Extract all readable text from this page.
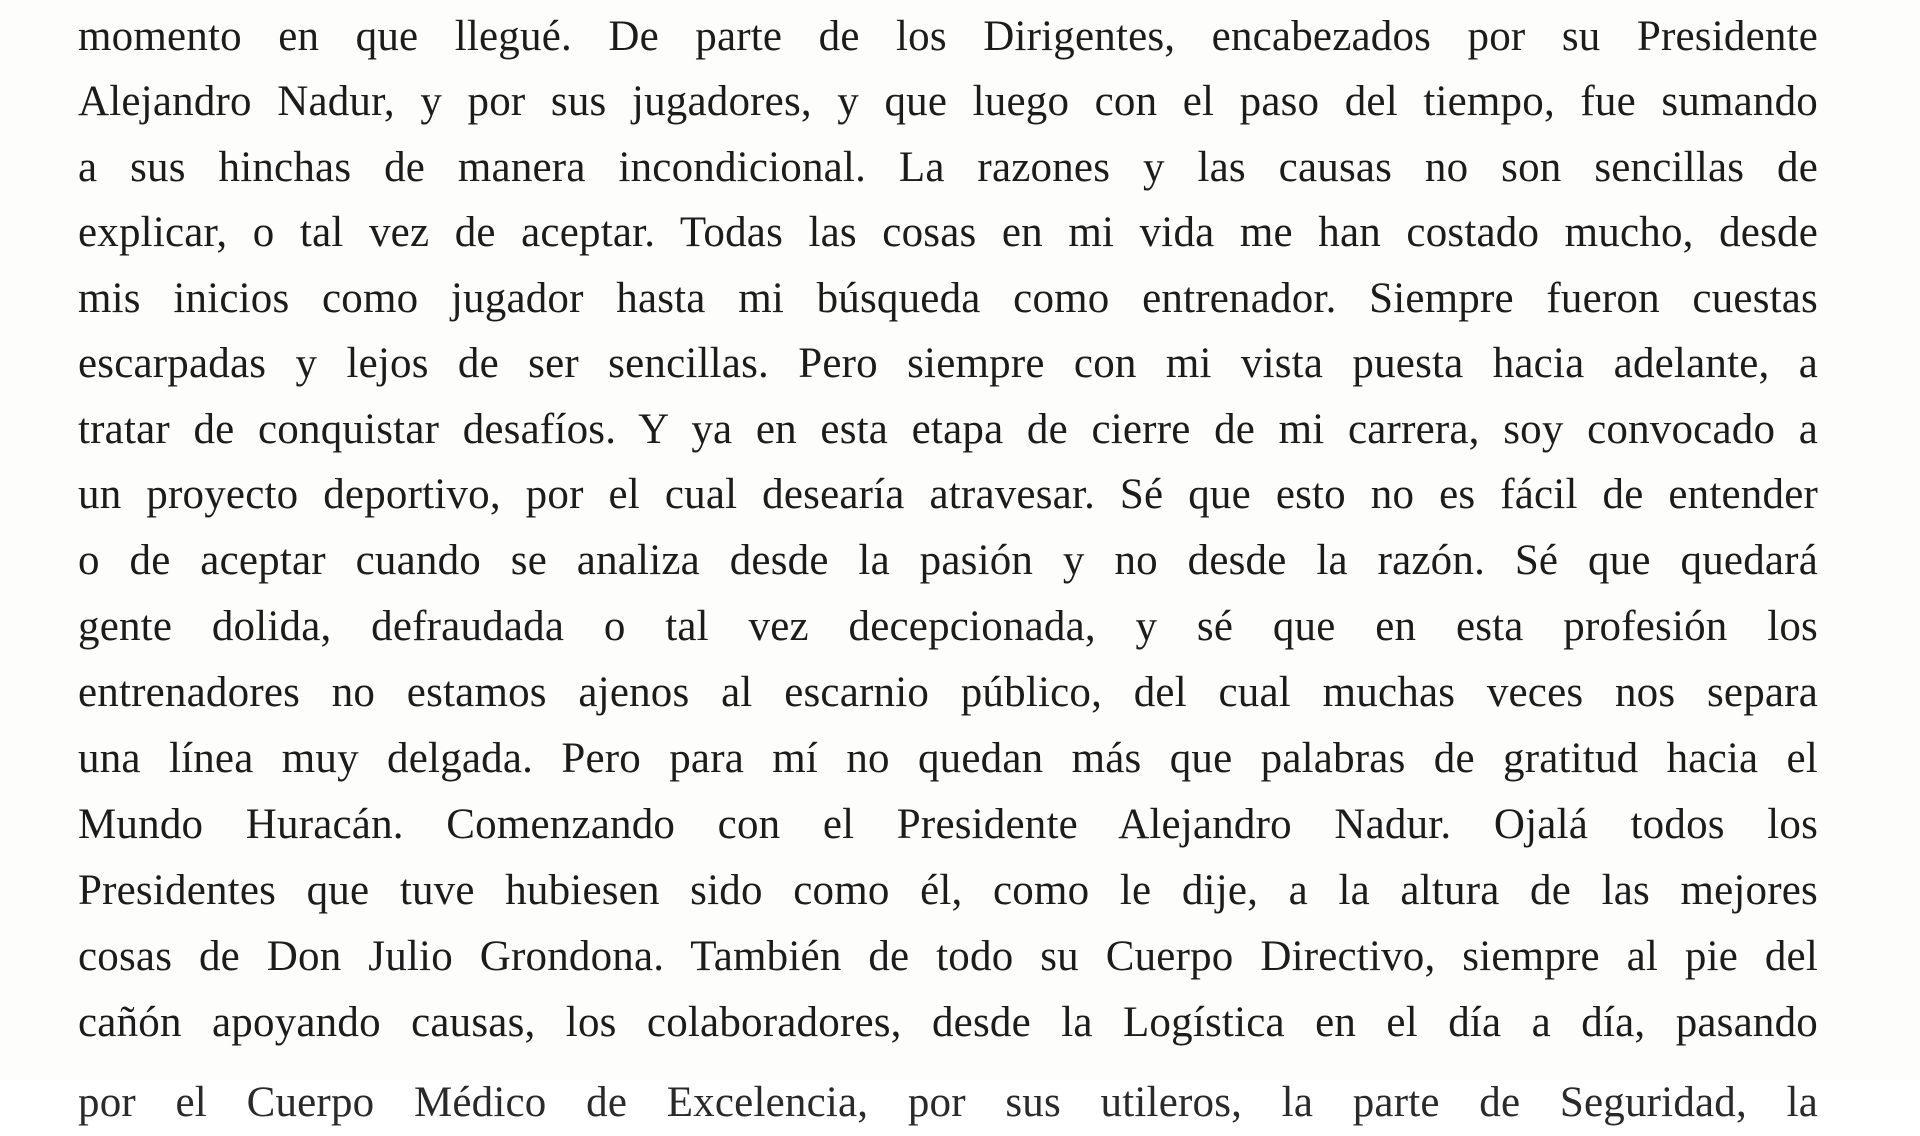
momento en que llegué. De parte de los Dirigentes, encabezados por su Presidente
Alejandro Nadur, y por sus jugadores, y que luego con el paso del tiempo, fue sumando
a sus hinchas de manera incondicional. La razones y las causas no son sencillas de
explicar, o tal vez de aceptar. Todas las cosas en mi vida me han costado mucho, desde
mis inicios como jugador hasta mi búsqueda como entrenador. Siempre fueron cuestas
escarpadas y lejos de ser sencillas. Pero siempre con mi vista puesta hacia adelante, a
tratar de conquistar desafíos. Y ya en esta etapa de cierre de mi carrera, soy convocado a
un proyecto deportivo, por el cual desearía atravesar. Sé que esto no es fácil de entender
o de aceptar cuando se analiza desde la pasión y no desde la razón. Sé que quedará
gente dolida, defraudada o tal vez decepcionada, y sé que en esta profesión los
entrenadores no estamos ajenos al escarnio público, del cual muchas veces nos separa
una línea muy delgada. Pero para mí no quedan más que palabras de gratitud hacia el
Mundo Huracán. Comenzando con el Presidente Alejandro Nadur. Ojalá todos los
Presidentes que tuve hubiesen sido como él, como le dije, a la altura de las mejores
cosas de Don Julio Grondona. También de todo su Cuerpo Directivo, siempre al pie del
cañón apoyando causas, los colaboradores, desde la Logística en el día a día, pasando
por el Cuerpo Médico de Excelencia, por sus utileros, la parte de Seguridad, la
